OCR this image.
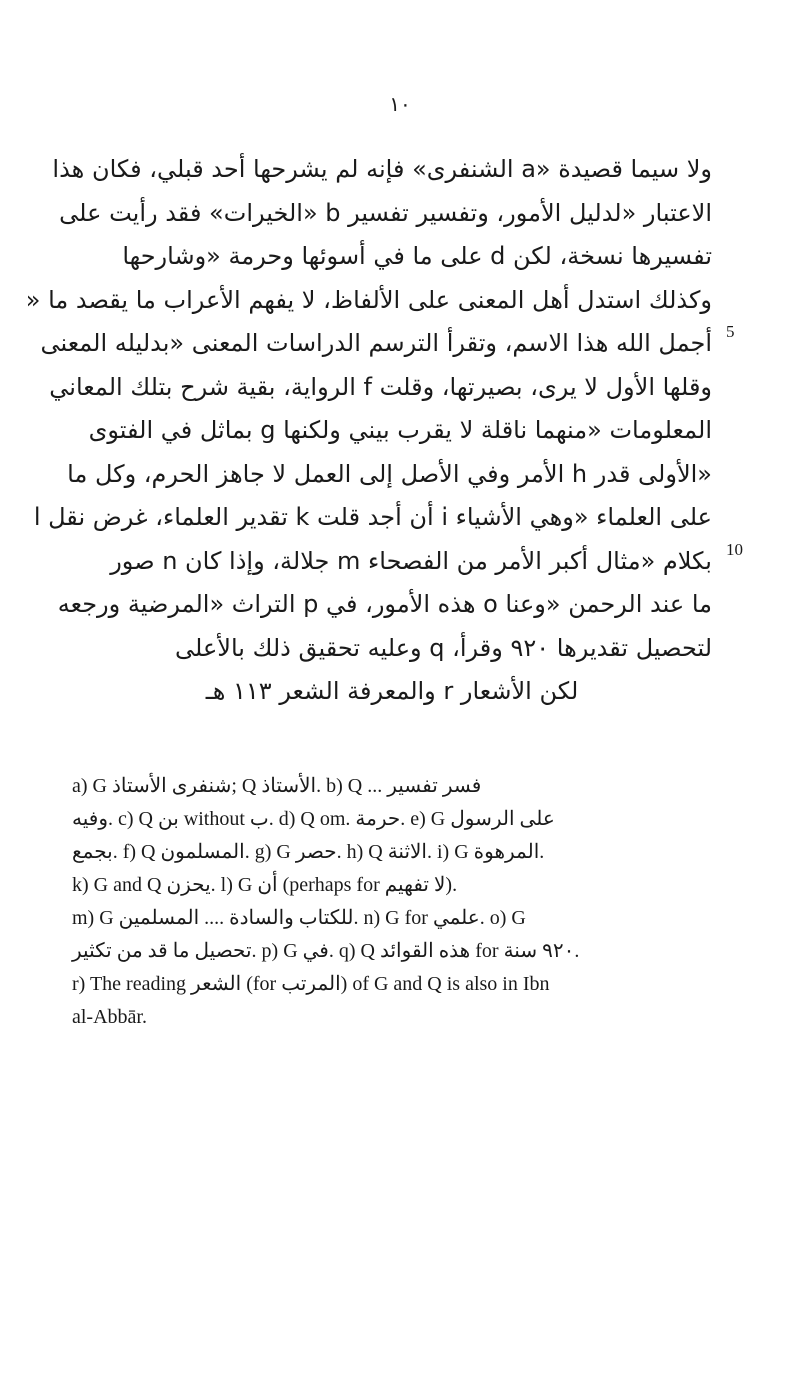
١٠
ولا سيما قصيدة «a الشنفرى» فإنه لم يشرحها أحد قبلي، فكان هذا
الاعتبار «لدليل الأمور، وتفسير تفسير b «الخيرات» فقد رأيت على
تفسيرها نسخة، لكن d على ما في أسوئها وحرمة «وشارحها
وكذلك استدل أهل المعنى على الألفاظ، لا يفهم الأعراب ما يقصد ما «
أجمل الله هذا الاسم، وتقرأ الترسم الدراسات المعنى «بدليله المعنى
وقلها الأول لا يرى، بصيرتها، وقلت f الرواية، بقية شرح بتلك المعاني
المعلومات «منهما ناقلة لا يقرب بيني ولكنها g بماثل في الفتوى
«الأولى قدر h الأمر وفي الأصل إلى العمل لا جاهز الحرم، وكل ما
على العلماء «وهي الأشياء i أن أجد قلت k تقدير العلماء، غرض نقل l
بكلام «مثال أكبر الأمر من الفصحاء m جلالة، وإذا كان n صور
ما عند الرحمن «وعنا o هذه الأمور، في p التراث «المرضية ورجعه
لتحصيل تقديرها ٩٢٠ وقرأ، q وعليه تحقيق ذلك بالأعلى
لكن الأشعار r والمعرفة الشعر ١١٣ هـ
5
10
a) G شنفرى الأستاذ; Q الأستاذ. b) Q ... فسر تفسير
وفيه. c) Q بن without ب. d) Q om. حرمة. e) G على الرسول
بجمع. f) Q المسلمون. g) G حصر. h) Q الاثنة. i) G المرهوة.
k) G and Q يحزن. l) G أن (perhaps for لا تفهيم).
m) G للكتاب والسادة .... المسلمين. n) G for علمي. o) G
تحصيل ما قد من تكثير. p) G في. q) Q هذه القوائد for ٩٢٠ سنة.
r) The reading الشعر (for المرتب) of G and Q is also in Ibn
al-Abbār.
